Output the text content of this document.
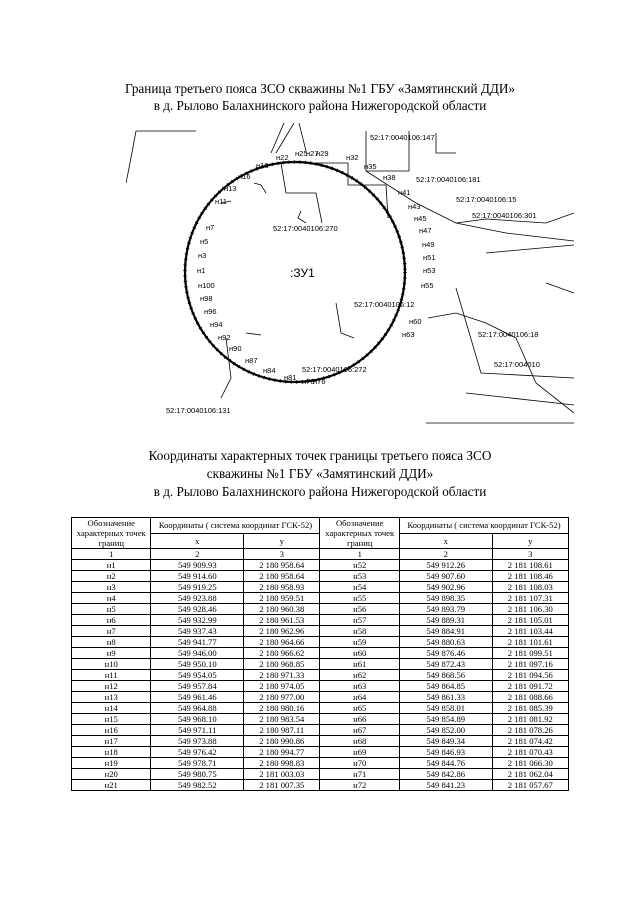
Граница третьего пояса ЗСО скважины №1 ГБУ «Замятинский ДДИ»
в д. Рылово Балахнинского района Нижегородской области
:ЗУ1
52:17:0040106:147
52:17:0040106:181
52:17:0040106:15
52:17:0040106:301
52:17:0040106:270
52:17:0040106:12
52:17:0040106:18
52:17:004010
52:17:0040106:272
52:17:0040106:131
н22 н25
н27
н29 н32
н35
н38
н41
н43
н45
н47
н49
н51
н53
н55
н60
н63
н100
н98
н96
н94
н92
н90
н87
н84
н81 н78
н76
н19
н16
н13
н11
н7
н5
н3
н1
Координаты характерных точек границы третьего пояса ЗСО
скважины №1 ГБУ «Замятинский ДДИ»
в д. Рылово Балахнинского района Нижегородской области
Обозначение характерных точек границ	Координаты ( система координат ГСК-52)		Обозначение характерных точек границ	Координаты ( система координат ГСК-52)	
	x	y		x	y
1	2	3	1	2	3
н1	549 909.93	2 180 958.64	н52	549 912.26	2 181 108.61
н2	549 914.60	2 180 958.64	н53	549 907.60	2 181 108.46
н3	549 919.25	2 180 958.93	н54	549 902.96	2 181 108.03
н4	549 923.88	2 180 959.51	н55	549 898.35	2 181 107.31
н5	549 928.46	2 180 960.38	н56	549 893.79	2 181 106.30
н6	549 932.99	2 180 961.53	н57	549 889.31	2 181 105.01
н7	549 937.43	2 180 962.96	н58	549 884.91	2 181 103.44
н8	549 941.77	2 180 964.66	н59	549 880.63	2 181 101.61
н9	549 946.00	2 180 966.62	н60	549 876.46	2 181 099.51
н10	549 950.10	2 180 968.85	н61	549 872.43	2 181 097.16
н11	549 954.05	2 180 971.33	н62	549 868.56	2 181 094.56
н12	549 957.84	2 180 974.05	н63	549 864.85	2 181 091.72
н13	549 961.46	2 180 977.00	н64	549 861.33	2 181 088.66
н14	549 964.88	2 180 980.16	н65	549 858.01	2 181 085.39
н15	549 968.10	2 180 983.54	н66	549 854.89	2 181 081.92
н16	549 971.11	2 180 987.11	н67	549 852.00	2 181 078.26
н17	549 973.88	2 180 990.86	н68	549 849.34	2 181 074.42
н18	549 976.42	2 180 994.77	н69	549 846.93	2 181 070.43
н19	549 978.71	2 180 998.83	н70	549 844.76	2 181 066.30
н20	549 980.75	2 181 003.03	н71	549 842.86	2 181 062.04
н21	549 982.52	2 181 007.35	н72	549 841.23	2 181 057.67
